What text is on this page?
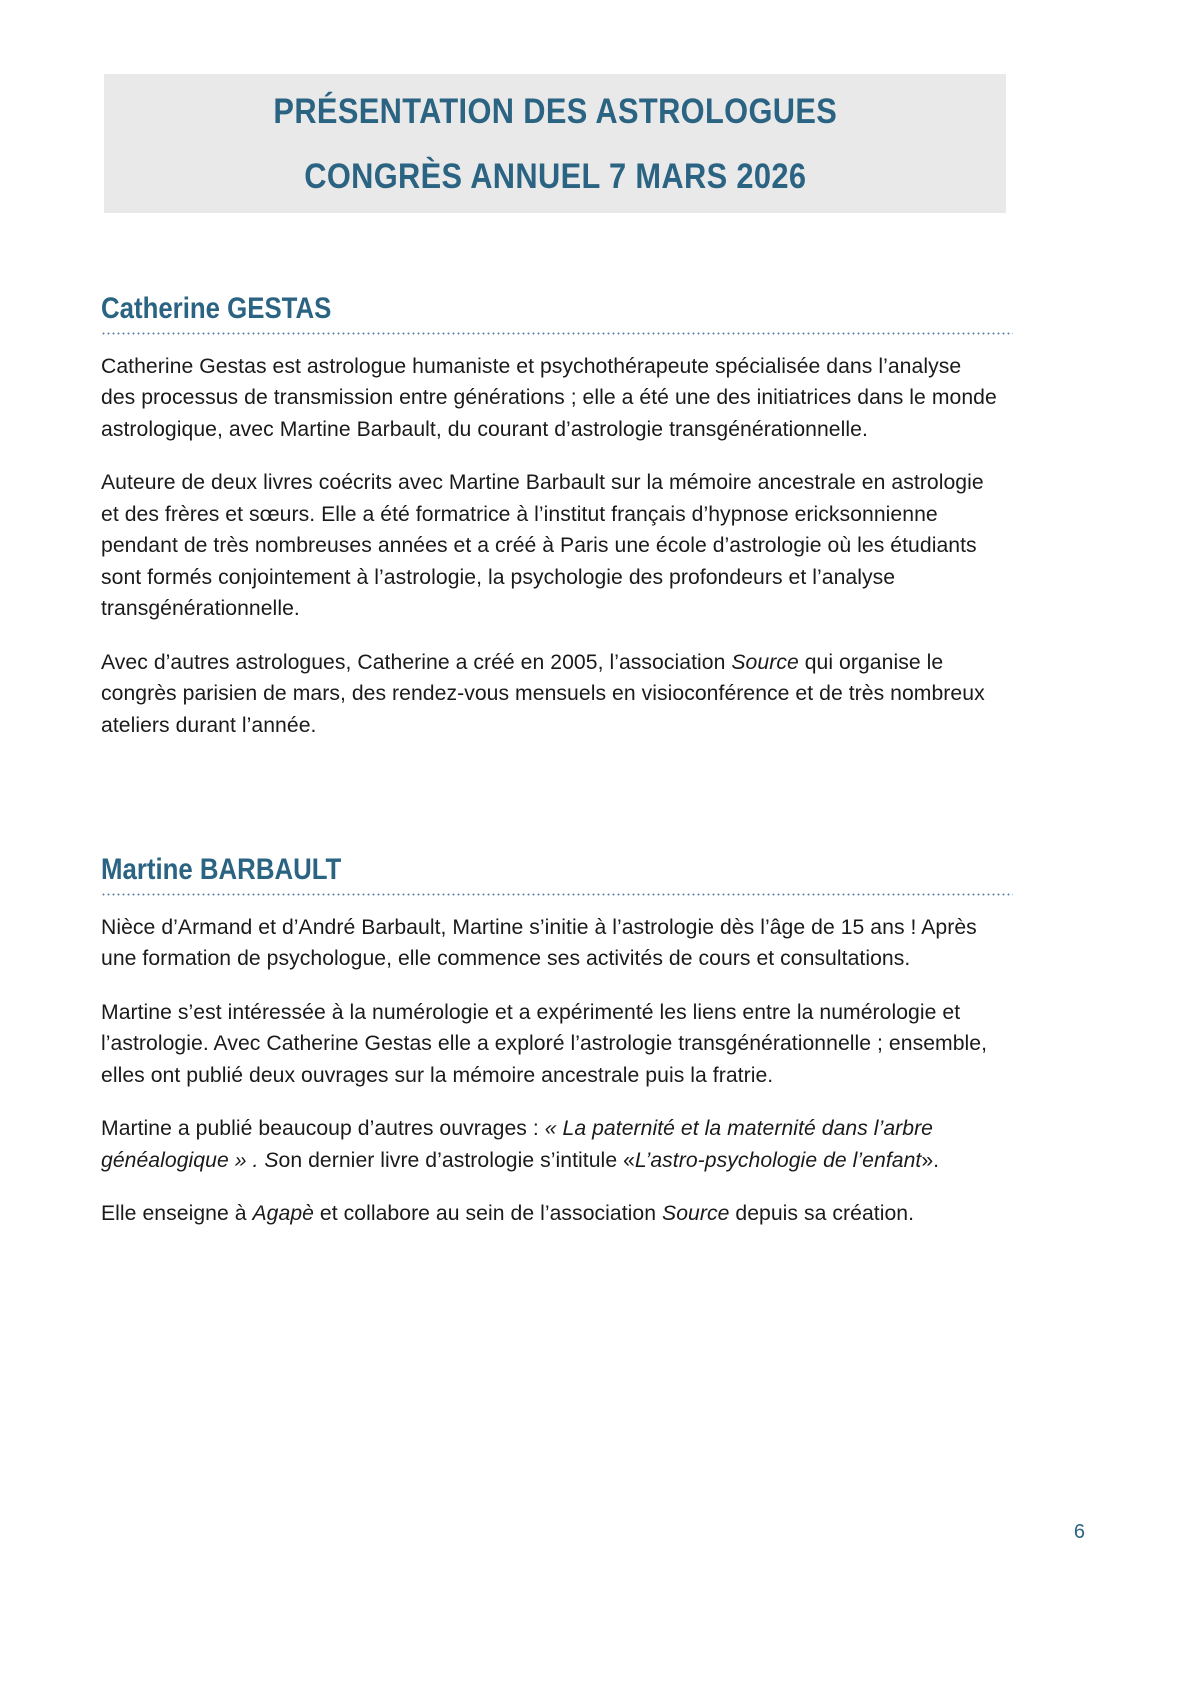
PRÉSENTATION DES ASTROLOGUES
CONGRÈS ANNUEL 7 MARS 2026
Catherine GESTAS

Catherine Gestas est astrologue humaniste et psychothérapeute spécialisée dans l’analyse des processus de transmission entre générations ; elle a été une des initiatrices dans le monde astrologique, avec Martine Barbault, du courant d’astrologie transgénérationnelle.

Auteure de deux livres coécrits avec Martine Barbault sur la mémoire ancestrale en astrologie et des frères et sœurs. Elle a été formatrice à l’institut français d’hypnose ericksonnienne pendant de très nombreuses années et a créé à Paris une école d’astrologie où les étudiants sont formés conjointement à l’astrologie, la psychologie des profondeurs et l’analyse transgénérationnelle.

Avec d’autres astrologues, Catherine a créé en 2005, l’association Source qui organise le congrès parisien de mars, des rendez-vous mensuels en visioconférence et de très nombreux ateliers durant l’année.

Martine BARBAULT

Nièce d’Armand et d’André Barbault, Martine s’initie à l’astrologie dès l’âge de 15 ans ! Après une formation de psychologue, elle commence ses activités de cours et consultations.

Martine s’est intéressée à la numérologie et a expérimenté les liens entre la numérologie et l’astrologie. Avec Catherine Gestas elle a exploré l’astrologie transgénérationnelle ; ensemble, elles ont publié deux ouvrages sur la mémoire ancestrale puis la fratrie.

Martine a publié beaucoup d’autres ouvrages : « La paternité et la maternité dans l’arbre généalogique » . Son dernier livre d’astrologie s’intitule «L’astro-psychologie de l’enfant».

Elle enseigne à Agapè et collabore au sein de l’association Source depuis sa création.

6
